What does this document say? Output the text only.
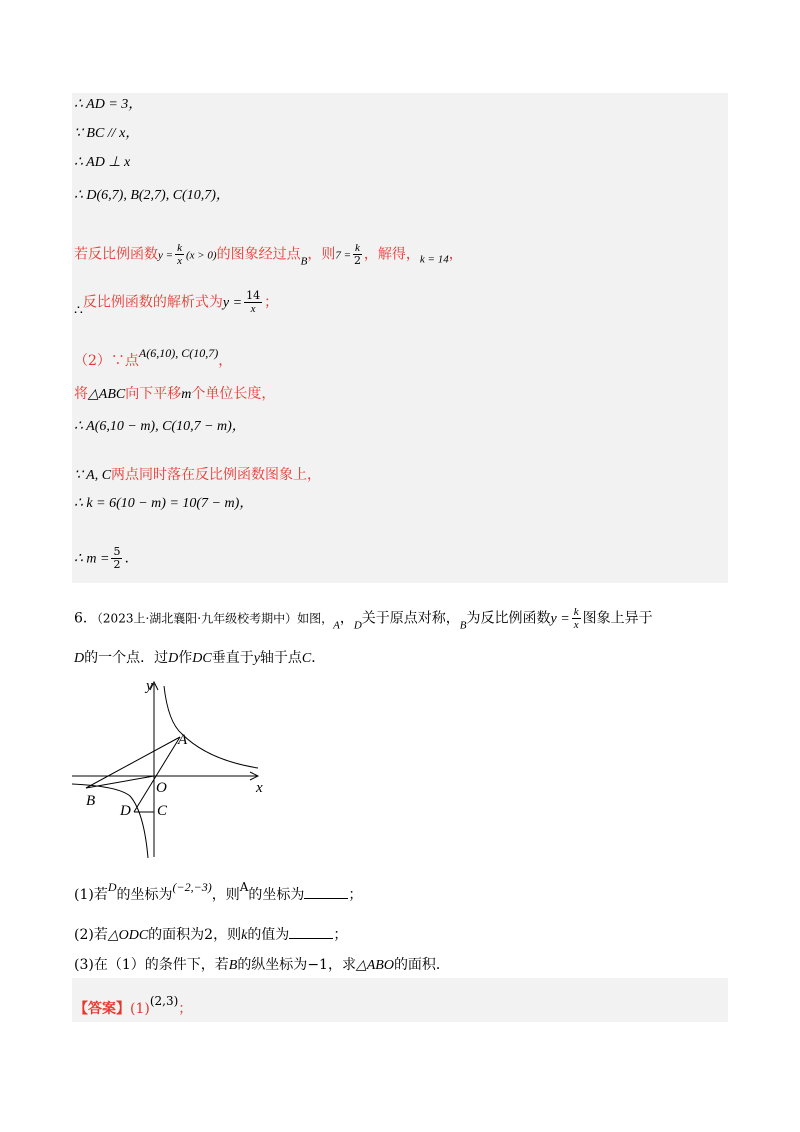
∴ AD = 3，
∵ BC // x，
∴ AD ⊥ x
∴ D(6,7), B(2,7), C(10,7)，
若反比例函数$y = \frac{k}{x} (x > 0)$的图象经过点$_B$，则$7 = \frac{k}{2}$ ，解得，$_{k = 14}$，
∴反比例函数的解析式为$y = \frac{14}{x}$ ；
（2）∵点A(6,10), C(10,7)，
将△ABC向下平移m个单位长度，
∴ A(6,10 − m), C(10,7 − m)，
∵ A, C两点同时落在反比例函数图象上，
∴ k = 6(10 − m) = 10(7 − m)，
∴ $m = \frac{5}{2}$ .
6．（2023上·湖北襄阳·九年级校考期中）如图，$_A$，$_D$关于原点对称，$_B$为反比例函数$y = \frac{k}{x}$ 图象上异于
D的一个点．过D作DC垂直于y轴于点C．
y
x
A
B
O
D C
(1)若D的坐标为(−2,−3)，则A的坐标为	；
(2)若△ODC的面积为2，则k的值为	；
(3)在（1）的条件下，若B的纵坐标为−1，求△ABO的面积．
【答案】(1)(2,3)；
